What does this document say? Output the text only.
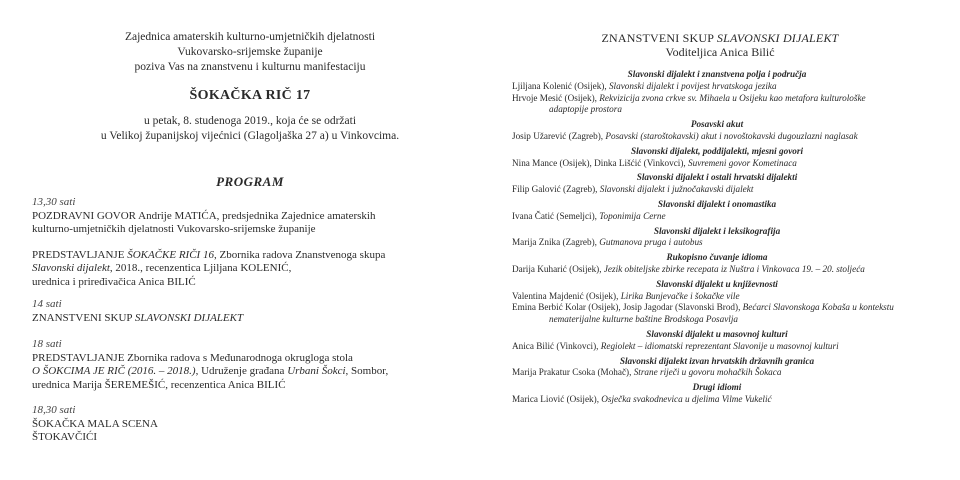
Zajednica amaterskih kulturno-umjetničkih djelatnosti
Vukovarsko-srijemske županije
poziva Vas na znanstvenu i kulturnu manifestaciju
ŠOKAČKA RIČ 17
u petak, 8. studenoga 2019., koja će se održati
u Velikoj županijskoj vijećnici (Glagoljaška 27 a) u Vinkovcima.
PROGRAM

13,30 sati

POZDRAVNI GOVOR Andrije MATIĆA, predsjednika Zajednice amaterskih

kulturno-umjetničkih djelatnosti Vukovarsko-srijemske županije

PREDSTAVLJANJE ŠOKAČKE RIČI 16, Zbornika radova Znanstvenoga skupa

Slavonski dijalekt, 2018., recenzentica Ljiljana KOLENIĆ,

urednica i priređivačica Anica BILIĆ

14 sati

ZNANSTVENI SKUP SLAVONSKI DIJALEKT

18 sati

PREDSTAVLJANJE Zbornika radova s Međunarodnoga okrugloga stola

O ŠOKCIMA JE RIČ (2016. – 2018.), Udruženje građana Urbani Šokci, Sombor,

urednica Marija ŠEREMEŠIĆ, recenzentica Anica BILIĆ

18,30 sati

ŠOKAČKA MALA SCENA

ŠTOKAVČIĆI

ZNANSTVENI SKUP SLAVONSKI DIJALEKT
Voditeljica Anica Bilić
Slavonski dijalekt i znanstvena polja i područja
Ljiljana Kolenić (Osijek), Slavonski dijalekt i povijest hrvatskoga jezika
Hrvoje Mesić (Osijek), Rekvizicija zvona crkve sv. Mihaela u Osijeku kao metafora kulturološke
adaptopije prostora
Posavski akut
Josip Užarević (Zagreb), Posavski (staroštokavski) akut i novoštokavski dugouzlazni naglasak
Slavonski dijalekt, poddijalekti, mjesni govori
Nina Mance (Osijek), Dinka Lišćić (Vinkovci), Suvremeni govor Kometinaca
Slavonski dijalekt i ostali hrvatski dijalekti
Filip Galović (Zagreb), Slavonski dijalekt i južnočakavski dijalekt
Slavonski dijalekt i onomastika
Ivana Čatić (Semeljci), Toponimija Cerne
Slavonski dijalekt i leksikografija
Marija Znika (Zagreb), Gutmanova pruga i autobus
Rukopisno čuvanje idioma
Darija Kuharić (Osijek), Jezik obiteljske zbirke recepata iz Nuštra i Vinkovaca 19. – 20. stoljeća
Slavonski dijalekt u književnosti
Valentina Majdenić (Osijek), Lirika Bunjevačke i šokačke vile
Emina Berbić Kolar (Osijek), Josip Jagodar (Slavonski Brod), Bećarci Slavonskoga Kobaša u kontekstu
nematerijalne kulturne baštine Brodskoga Posavlja
Slavonski dijalekt u masovnoj kulturi
Anica Bilić (Vinkovci), Regiolekt – idiomatski reprezentant Slavonije u masovnoj kulturi
Slavonski dijalekt izvan hrvatskih državnih granica
Marija Prakatur Csoka (Mohač), Strane riječi u govoru mohačkih Šokaca
Drugi idiomi
Marica Liović (Osijek), Osječka svakodnevica u djelima Vilme Vukelić
